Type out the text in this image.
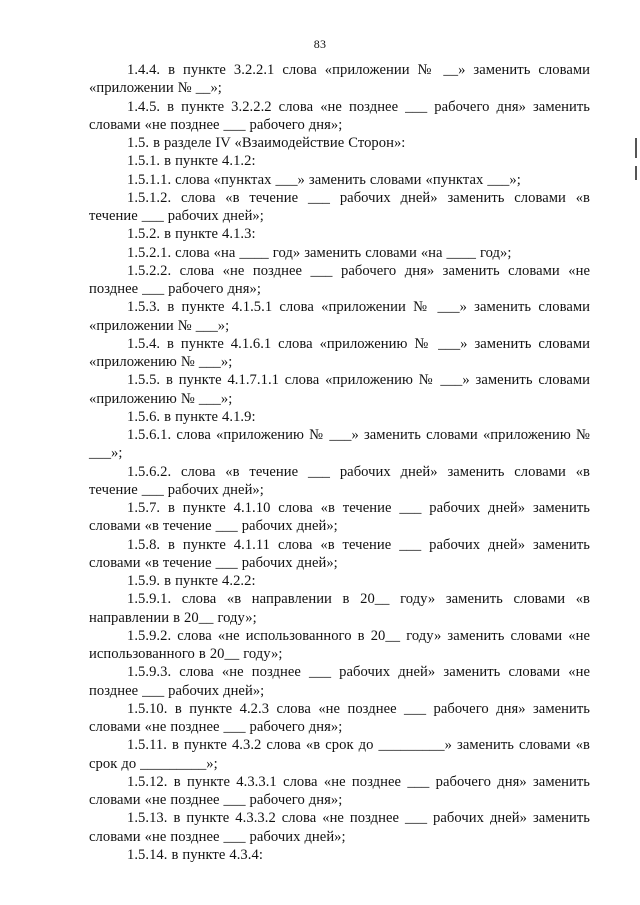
83

1.4.4. в пункте 3.2.2.1 слова «приложении № __» заменить словами «приложении № __»;

1.4.5. в пункте 3.2.2.2 слова «не позднее ___ рабочего дня» заменить словами «не позднее ___ рабочего дня»;

1.5. в разделе IV «Взаимодействие Сторон»:

1.5.1. в пункте 4.1.2:

1.5.1.1. слова «пунктах ___» заменить словами «пунктах ___»;

1.5.1.2. слова «в течение ___ рабочих дней» заменить словами «в течение ___ рабочих дней»;

1.5.2. в пункте 4.1.3:

1.5.2.1. слова «на ____ год» заменить словами «на ____ год»;

1.5.2.2. слова «не позднее ___ рабочего дня» заменить словами «не позднее ___ рабочего дня»;

1.5.3. в пункте 4.1.5.1 слова «приложении № ___» заменить словами «приложении № ___»;

1.5.4. в пункте 4.1.6.1 слова «приложению № ___» заменить словами «приложению № ___»;

1.5.5. в пункте 4.1.7.1.1 слова «приложению № ___» заменить словами «приложению № ___»;

1.5.6. в пункте 4.1.9:

1.5.6.1. слова «приложению № ___» заменить словами «приложению № ___»;

1.5.6.2. слова «в течение ___ рабочих дней» заменить словами «в течение ___ рабочих дней»;

1.5.7. в пункте 4.1.10 слова «в течение ___ рабочих дней» заменить словами «в течение ___ рабочих дней»;

1.5.8. в пункте 4.1.11 слова «в течение ___ рабочих дней» заменить словами «в течение ___ рабочих дней»;

1.5.9. в пункте 4.2.2:

1.5.9.1. слова «в направлении в 20__ году» заменить словами «в направлении в 20__ году»;

1.5.9.2. слова «не использованного в 20__ году» заменить словами «не использованного в 20__ году»;

1.5.9.3. слова «не позднее ___ рабочих дней» заменить словами «не позднее ___ рабочих дней»;

1.5.10. в пункте 4.2.3 слова «не позднее ___ рабочего дня» заменить словами «не позднее ___ рабочего дня»;

1.5.11. в пункте 4.3.2 слова «в срок до _________» заменить словами «в срок до _________»;

1.5.12. в пункте 4.3.3.1 слова «не позднее ___ рабочего дня» заменить словами «не позднее ___ рабочего дня»;

1.5.13. в пункте 4.3.3.2 слова «не позднее ___ рабочих дней» заменить словами «не позднее ___ рабочих дней»;

1.5.14. в пункте 4.3.4:
